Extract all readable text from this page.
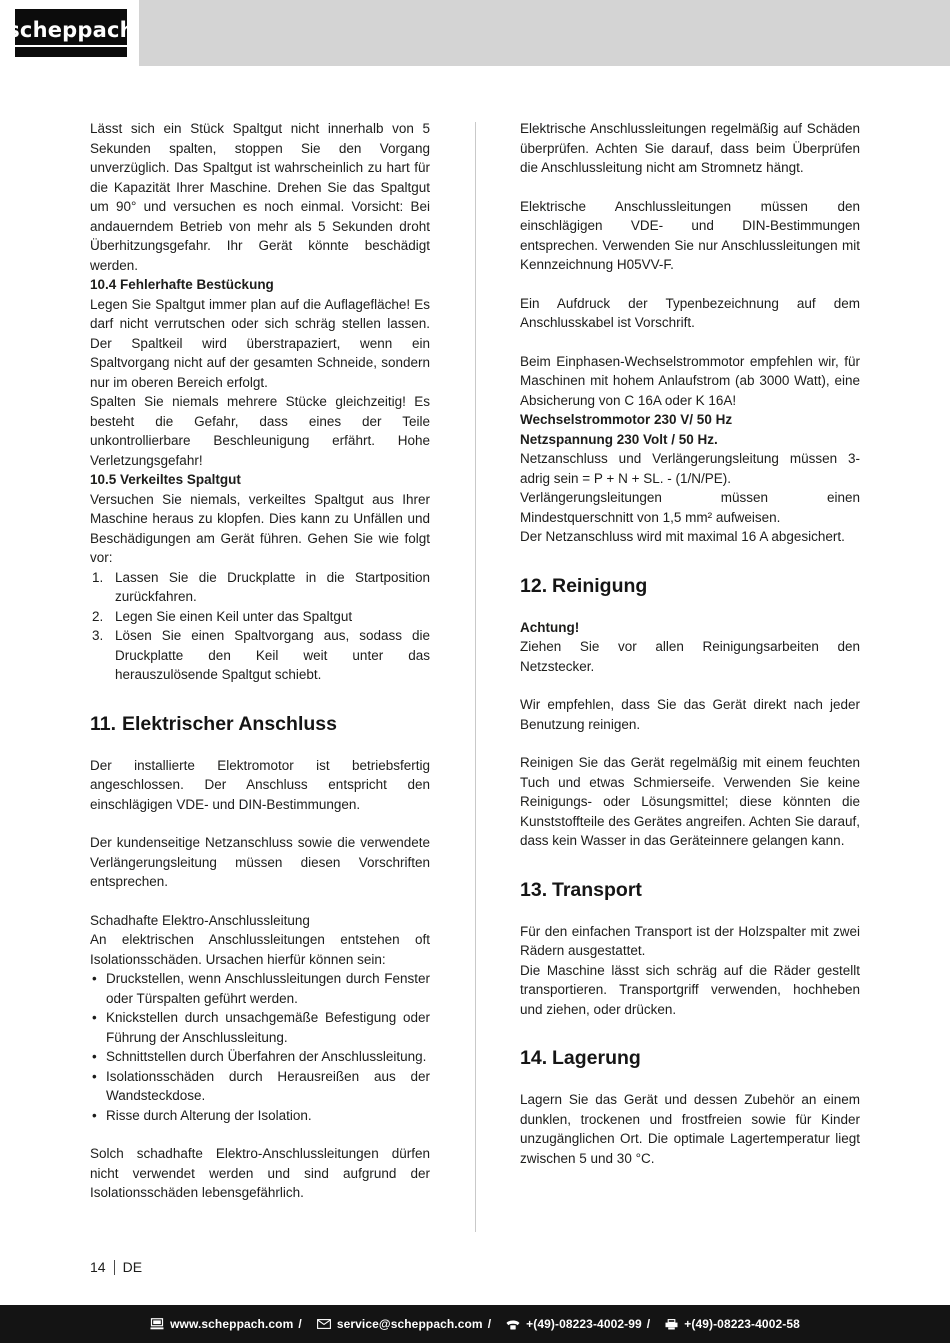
scheppach

Lässt sich ein Stück Spaltgut nicht innerhalb von 5 Sekunden spalten, stoppen Sie den Vorgang unverzüglich. Das Spaltgut ist wahrscheinlich zu hart für die Kapazität Ihrer Maschine. Drehen Sie das Spaltgut um 90° und versuchen es noch einmal. Vorsicht: Bei andauerndem Betrieb von mehr als 5 Sekunden droht Überhitzungsgefahr. Ihr Gerät könnte beschädigt werden.

10.4 Fehlerhafte Bestückung

Legen Sie Spaltgut immer plan auf die Auflagefläche! Es darf nicht verrutschen oder sich schräg stellen lassen. Der Spaltkeil wird überstrapaziert, wenn ein Spaltvorgang nicht auf der gesamten Schneide, sondern nur im oberen Bereich erfolgt.

Spalten Sie niemals mehrere Stücke gleichzeitig! Es besteht die Gefahr, dass eines der Teile unkontrollierbare Beschleunigung erfährt. Hohe Verletzungsgefahr!

10.5 Verkeiltes Spaltgut

Versuchen Sie niemals, verkeiltes Spaltgut aus Ihrer Maschine heraus zu klopfen. Dies kann zu Unfällen und Beschädigungen am Gerät führen. Gehen Sie wie folgt vor:

Lassen Sie die Druckplatte in die Startposition zurückfahren.
Legen Sie einen Keil unter das Spaltgut
Lösen Sie einen Spaltvorgang aus, sodass die Druckplatte den Keil weit unter das herauszulösende Spaltgut schiebt.
11. Elektrischer Anschluss

Der installierte Elektromotor ist betriebsfertig angeschlossen. Der Anschluss entspricht den einschlägigen VDE- und DIN-Bestimmungen.

Der kundenseitige Netzanschluss sowie die verwendete Verlängerungsleitung müssen diesen Vorschriften entsprechen.

Schadhafte Elektro-Anschlussleitung

An elektrischen Anschlussleitungen entstehen oft Isolationsschäden. Ursachen hierfür können sein:

• Druckstellen, wenn Anschlussleitungen durch Fenster oder Türspalten geführt werden.
• Knickstellen durch unsachgemäße Befestigung oder Führung der Anschlussleitung.
• Schnittstellen durch Überfahren der Anschlussleitung.
• Isolationsschäden durch Herausreißen aus der Wandsteckdose.
• Risse durch Alterung der Isolation.

Solch schadhafte Elektro-Anschlussleitungen dürfen nicht verwendet werden und sind aufgrund der Isolationsschäden lebensgefährlich.

Elektrische Anschlussleitungen regelmäßig auf Schäden überprüfen. Achten Sie darauf, dass beim Überprüfen die Anschlussleitung nicht am Stromnetz hängt.

Elektrische Anschlussleitungen müssen den einschlägigen VDE- und DIN-Bestimmungen entsprechen. Verwenden Sie nur Anschlussleitungen mit Kennzeichnung H05VV-F.

Ein Aufdruck der Typenbezeichnung auf dem Anschlusskabel ist Vorschrift.

Beim Einphasen-Wechselstrommotor empfehlen wir, für Maschinen mit hohem Anlaufstrom (ab 3000 Watt), eine Absicherung von C 16A oder K 16A!

Wechselstrommotor 230 V/ 50 Hz

Netzspannung 230 Volt / 50 Hz.

Netzanschluss und Verlängerungsleitung müssen 3-adrig sein = P + N + SL. - (1/N/PE).

Verlängerungsleitungen müssen einen Mindestquerschnitt von 1,5 mm² aufweisen.

Der Netzanschluss wird mit maximal 16 A abgesichert.

12. Reinigung

Achtung!

Ziehen Sie vor allen Reinigungsarbeiten den Netzstecker.

Wir empfehlen, dass Sie das Gerät direkt nach jeder Benutzung reinigen.

Reinigen Sie das Gerät regelmäßig mit einem feuchten Tuch und etwas Schmierseife. Verwenden Sie keine Reinigungs- oder Lösungsmittel; diese könnten die Kunststoffteile des Gerätes angreifen. Achten Sie darauf, dass kein Wasser in das Geräteinnere gelangen kann.

13. Transport

Für den einfachen Transport ist der Holzspalter mit zwei Rädern ausgestattet.

Die Maschine lässt sich schräg auf die Räder gestellt transportieren. Transportgriff verwenden, hochheben und ziehen, oder drücken.

14. Lagerung

Lagern Sie das Gerät und dessen Zubehör an einem dunklen, trockenen und frostfreien sowie für Kinder unzugänglichen Ort. Die optimale Lagertemperatur liegt zwischen 5 und 30 °C.

14 DE
www.scheppach.com /	service@scheppach.com /	+(49)-08223-4002-99 /	+(49)-08223-4002-58
